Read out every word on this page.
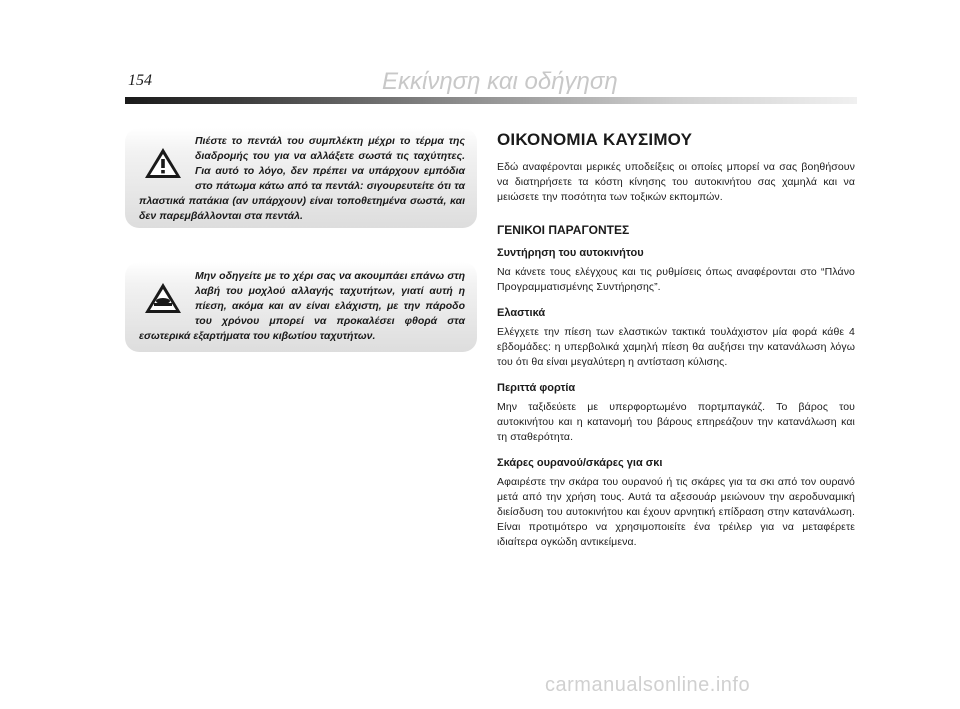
154	Εκκίνηση και οδήγηση

Πιέστε το πεντάλ του συμπλέκτη μέχρι το τέρμα της διαδρομής του για να αλλάξετε σωστά τις ταχύτητες. Για αυτό το λόγο, δεν πρέπει να υπάρχουν εμπόδια στο πάτωμα κάτω από τα πεντάλ: σιγουρευτείτε ότι τα πλαστικά πατάκια (αν υπάρχουν) είναι τοποθετημένα σωστά, και δεν παρεμβάλλονται στα πεντάλ.

Μην οδηγείτε με το χέρι σας να ακουμπάει επάνω στη λαβή του μοχλού αλλαγής ταχυτήτων, γιατί αυτή η πίεση, ακόμα και αν είναι ελάχιστη, με την πάροδο του χρόνου μπορεί να προκαλέσει φθορά στα εσωτερικά εξαρτήματα του κιβωτίου ταχυτήτων.

ΟΙΚΟΝΟΜΙΑ ΚΑΥΣΙΜΟΥ

Εδώ αναφέρονται μερικές υποδείξεις οι οποίες μπορεί να σας βοηθήσουν να διατηρήσετε τα κόστη κίνησης του αυτοκινήτου σας χαμηλά και να μειώσετε την ποσότητα των τοξικών εκπομπών.

ΓΕΝΙΚΟΙ ΠΑΡΑΓΟΝΤΕΣ
Συντήρηση του αυτοκινήτου

Να κάνετε τους ελέγχους και τις ρυθμίσεις όπως αναφέρονται στο “Πλάνο Προγραμματισμένης Συντήρησης”.

Ελαστικά

Ελέγχετε την πίεση των ελαστικών τακτικά τουλάχιστον μία φορά κάθε 4 εβδομάδες: η υπερβολικά χαμηλή πίεση θα αυξήσει την κατανάλωση λόγω του ότι θα είναι μεγαλύτερη η αντίσταση κύλισης.

Περιττά φορτία

Μην ταξιδεύετε με υπερφορτωμένο πορτμπαγκάζ. Το βάρος του αυτοκινήτου και η κατανομή του βάρους επηρεάζουν την κατανάλωση και τη σταθερότητα.

Σκάρες ουρανού/σκάρες για σκι

Αφαιρέστε την σκάρα του ουρανού ή τις σκάρες για τα σκι από τον ουρανό μετά από την χρήση τους. Αυτά τα αξεσουάρ μειώνουν την αεροδυναμική διείσδυση του αυτοκινήτου και έχουν αρνητική επίδραση στην κατανάλωση. Είναι προτιμότερο να χρησιμοποιείτε ένα τρέιλερ για να μεταφέρετε ιδιαίτερα ογκώδη αντικείμενα.

carmanualsonline.info
